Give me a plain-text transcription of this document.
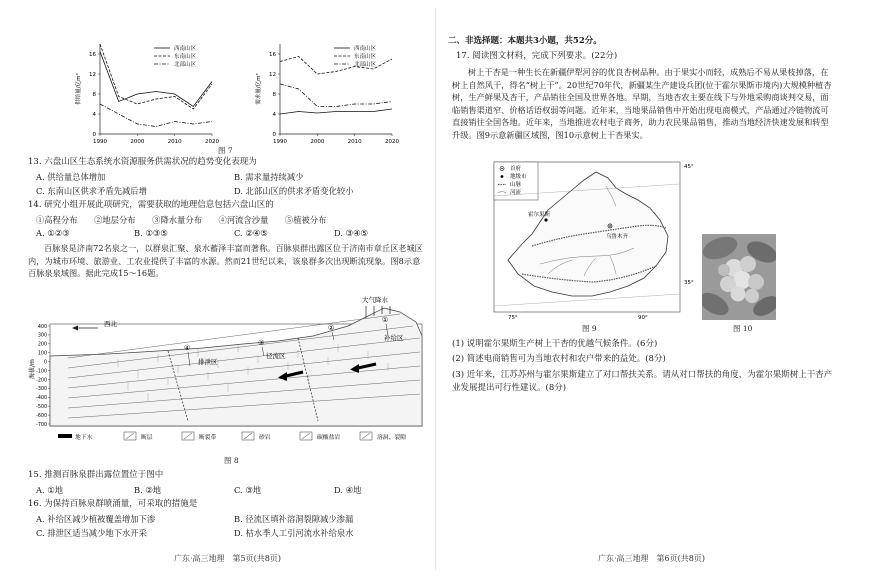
0
4
8
12
16
1990	2000	2010	2020
供给量/亿m³
西南山区
东南山区
北部山区
0
4
8
12
16
1990	2000	2010	2020
需求量/亿m³
西南山区
东南山区
北部山区
图 7
13. 六盘山区生态系统水资源服务供需状况的趋势变化表现为
A. 供给量总体增加	B. 需求量持续减少
C. 东南山区供求矛盾先减后增	D. 北部山区的供求矛盾变化较小
14. 研究小组开展此项研究，需要获取的地理信息包括六盘山区的
①高程分布　　②地层分布　　③降水量分布　　④河流含沙量　　⑤植被分布
A. ①②③	B. ①③⑤	C. ②④⑤	D. ③④⑤
百脉泉是济南72名泉之一，以群泉汇聚、泉水蓄泽丰富而著称。百脉泉群出露区位于济南市章丘区老城区内，为城市环境、旅游业、工农业提供了丰富的水源。然而21世纪以来，该泉群多次出现断流现象。图8示意百脉泉泉域图。据此完成15～16题。
400
300
200
100
0
-100
-200
-300
-400
-500
-600
-700
海拔/m
西北
大气降水
补给区
径流区
排泄区
①
②
③
④
地下水	断层	断裂带	砂岩	碳酸盐岩	溶洞、裂隙
图 8
15. 推测百脉泉群出露位置位于图中
A. ①地	B. ②地	C. ③地	D. ④地
16. 为保持百脉泉群喷涌量，可采取的措施是
A. 补给区减少植被覆盖增加下渗	B. 径流区填补溶洞裂隙减少渗漏
C. 排泄区适当减少地下水开采	D. 枯水季人工引河流水补给泉水
广东·高三地理　第5页(共8页)
二、非选择题：本题共3小题，共52分。
17. 阅读图文材料，完成下列要求。(22分)
树上干杏是一种生长在新疆伊犁河谷的优良杏树品种。由于果实小而轻，成熟后不易从果枝掉落，在树上自然风干，得名“树上干”。20世纪70年代，新疆某生产建设兵团(位于霍尔果斯市境内)大规模种植杏树，生产鲜果及杏干，产品销往全国及世界各地。早期，当地杏农主要在线下与外地采购商谈判交易，面临销售渠道窄、价格话语权弱等问题。近年来，当地果品销售中开始出现电商模式，产品通过冷链物流可直接销往全国各地。近年来，当地推进农村电子商务，助力农民果品销售，推动当地经济快速发展和转型升级。图9示意新疆区域图，图10示意树上干杏果实。
首府
地级市
山脉
河流
霍尔果斯
乌鲁木齐
45°
35°
75°	90°
图 9	图 10
(1) 说明霍尔果斯生产树上干杏的优越气候条件。(6分)
(2) 简述电商销售可为当地农村和农户带来的益处。(8分)
(3) 近年来，江苏苏州与霍尔果斯建立了对口帮扶关系。请从对口帮扶的角度，为霍尔果斯树上干杏产业发展提出可行性建议。(8分)
广东·高三地理　第6页(共8页)
